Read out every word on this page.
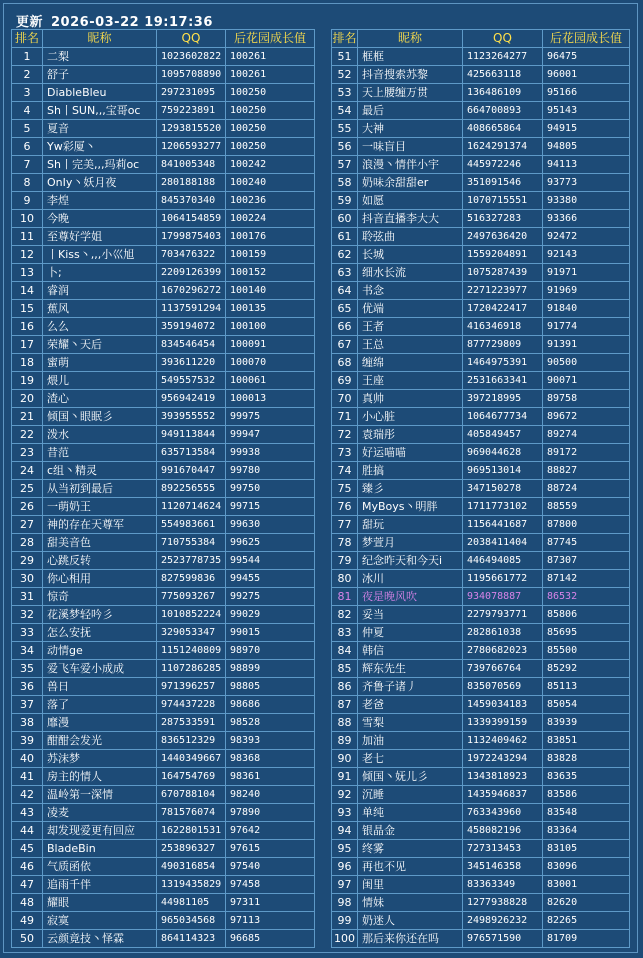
更新 2026-03-22 19:17:36
排名	昵称	QQ	后花园成长值
1	二梨	1023602822	100261
2	舒子	1095708890	100261
3	DiableBleu	297231095	100250
4	Sh丨SUN,,,宝哥oc	759223891	100250
5	夏音	1293815520	100250
6	Yw彩厦丶	1206593277	100250
7	Sh丨完美,,,玛莉oc	841005348	100242
8	OnIy丶妖月夜	280188188	100240
9	李煌	845370340	100236
10	今晚	1064154859	100224
11	至尊好学姐	1799875403	100176
12	丨Kiss丶,,,小巛旭	703476322	100159
13	卜;	2209126399	100152
14	睿润	1670296272	100140
15	蕉风	1137591294	100135
16	么么	359194072	100100
17	荣耀丶天后	834546454	100091
18	蜜萌	393611220	100070
19	煨儿	549557532	100061
20	渣心	956942419	100013
21	倾国丶眼眠彡	393955552	99975
22	泼水	949113844	99947
23	昔范	635713584	99938
24	c组丶精灵	991670447	99780
25	从当初到最后	892256555	99750
26	一萌奶王	1120714624	99715
27	神的存在天尊军	554983661	99630
28	甜美音色	710755384	99625
29	心跳反转	2523778735	99544
30	你心相用	827599836	99455
31	惊奇	775093267	99275
32	花溪梦轻吟彡	1010852224	99029
33	怎么安抚	329053347	99015
34	动情ge	1151240809	98970
35	爱飞车爱小成成	1107286285	98899
36	兽日	971396257	98805
37	落了	974437228	98686
38	靡漫	287533591	98528
39	酣酣会发光	836512329	98393
40	苏沫梦	1440349667	98368
41	房主的情人	164754769	98361
42	温岭第一深情	670788104	98240
43	凌麦	781576074	97890
44	却发现爱更有回应	1622801531	97642
45	BladeBin	253896327	97615
46	气质函依	490316854	97540
47	追雨千伴	1319435829	97458
48	耀眼	44981105	97311
49	寂寞	965034568	97113
50	云颜竟技丶怿霖	864114323	96685
排名	昵称	QQ	后花园成长值
51	框框	1123264277	96475
52	抖音搜索苏黎	425663118	96001
53	天上腰缠万贯	136486109	95166
54	最后	664700893	95143
55	大神	408665864	94915
56	一味盲目	1624291374	94805
57	浪漫丶情伴小宇	445972246	94113
58	奶味余甜甜er	351091546	93773
59	如愿	1070715551	93380
60	抖音直播李大大	516327283	93366
61	聆弦曲	2497636420	92472
62	长城	1559204891	92143
63	细水长流	1075287439	91971
64	书念	2271223977	91969
65	优端	1720422417	91840
66	王者	416346918	91774
67	王总	877729809	91391
68	缠绵	1464975391	90500
69	王座	2531663341	90071
70	真帅	397218995	89758
71	小心脏	1064677734	89672
72	袁瑞彤	405849457	89274
73	好运喵喵	969044628	89172
74	胜搞	969513014	88827
75	臻彡	347150278	88724
76	MyBoys丶明胖	1711773102	88559
77	甜玩	1156441687	87800
78	梦萱月	2038411404	87745
79	纪念昨天和今天i	446494085	87307
80	冰川	1195661772	87142
81	夜是晚风吹	934078887	86532
82	妥当	2279793771	85806
83	仲夏	282861038	85695
84	韩信	2780682023	85500
85	辉东先生	739766764	85292
86	齐鲁子诸丿	835070569	85113
87	老爸	1459034183	85054
88	雪梨	1339399159	83939
89	加油	1132409462	83851
90	老七	1972243294	83828
91	倾国丶妩儿彡	1343818923	83635
92	沉睡	1435946837	83586
93	单纯	763343960	83548
94	银晶金	458082196	83364
95	终雾	727313453	83105
96	再也不见	345146358	83096
97	闺里	83363349	83001
98	情妹	1277938828	82620
99	奶迷人	2498926232	82265
100	那后来你还在吗	976571590	81709
